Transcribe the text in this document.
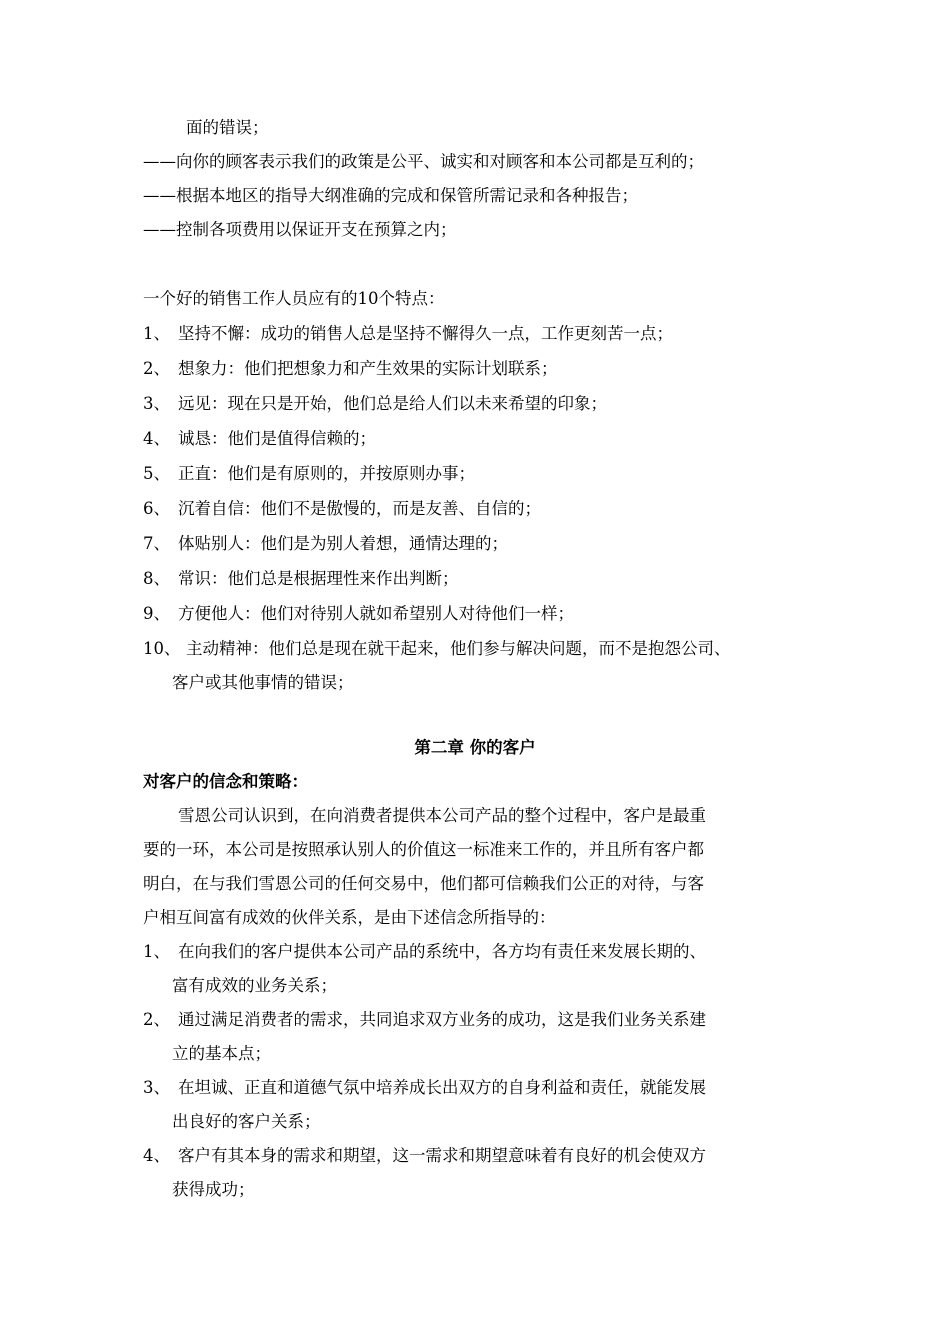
面的错误；
——向你的顾客表示我们的政策是公平、诚实和对顾客和本公司都是互利的；
——根据本地区的指导大纲准确的完成和保管所需记录和各种报告；
——控制各项费用以保证开支在预算之内；
一个好的销售工作人员应有的10个特点：
1、 坚持不懈：成功的销售人总是坚持不懈得久一点，工作更刻苦一点；
2、 想象力：他们把想象力和产生效果的实际计划联系；
3、 远见：现在只是开始，他们总是给人们以未来希望的印象；
4、 诚恳：他们是值得信赖的；
5、 正直：他们是有原则的，并按原则办事；
6、 沉着自信：他们不是傲慢的，而是友善、自信的；
7、 体贴别人：他们是为别人着想，通情达理的；
8、 常识：他们总是根据理性来作出判断；
9、 方便他人：他们对待别人就如希望别人对待他们一样；
10、 主动精神：他们总是现在就干起来，他们参与解决问题，而不是抱怨公司、
客户或其他事情的错误；
第二章 你的客户
对客户的信念和策略：
雪恩公司认识到，在向消费者提供本公司产品的整个过程中，客户是最重
要的一环，本公司是按照承认别人的价值这一标准来工作的，并且所有客户都
明白，在与我们雪恩公司的任何交易中，他们都可信赖我们公正的对待，与客
户相互间富有成效的伙伴关系，是由下述信念所指导的：
1、 在向我们的客户提供本公司产品的系统中，各方均有责任来发展长期的、
富有成效的业务关系；
2、 通过满足消费者的需求，共同追求双方业务的成功，这是我们业务关系建
立的基本点；
3、 在坦诚、正直和道德气氛中培养成长出双方的自身利益和责任，就能发展
出良好的客户关系；
4、 客户有其本身的需求和期望，这一需求和期望意味着有良好的机会使双方
获得成功；
